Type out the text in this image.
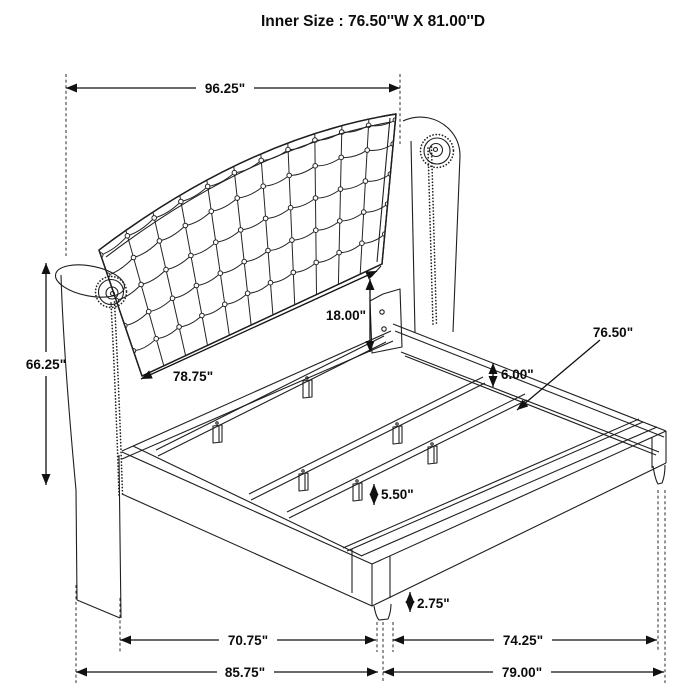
Inner Size : 76.50''W X 81.00''D
96.25"
66.25"
18.00"
78.75"	6.00"
76.50"
5.50"
2.75"
70.75"	74.25"
85.75"	79.00"
